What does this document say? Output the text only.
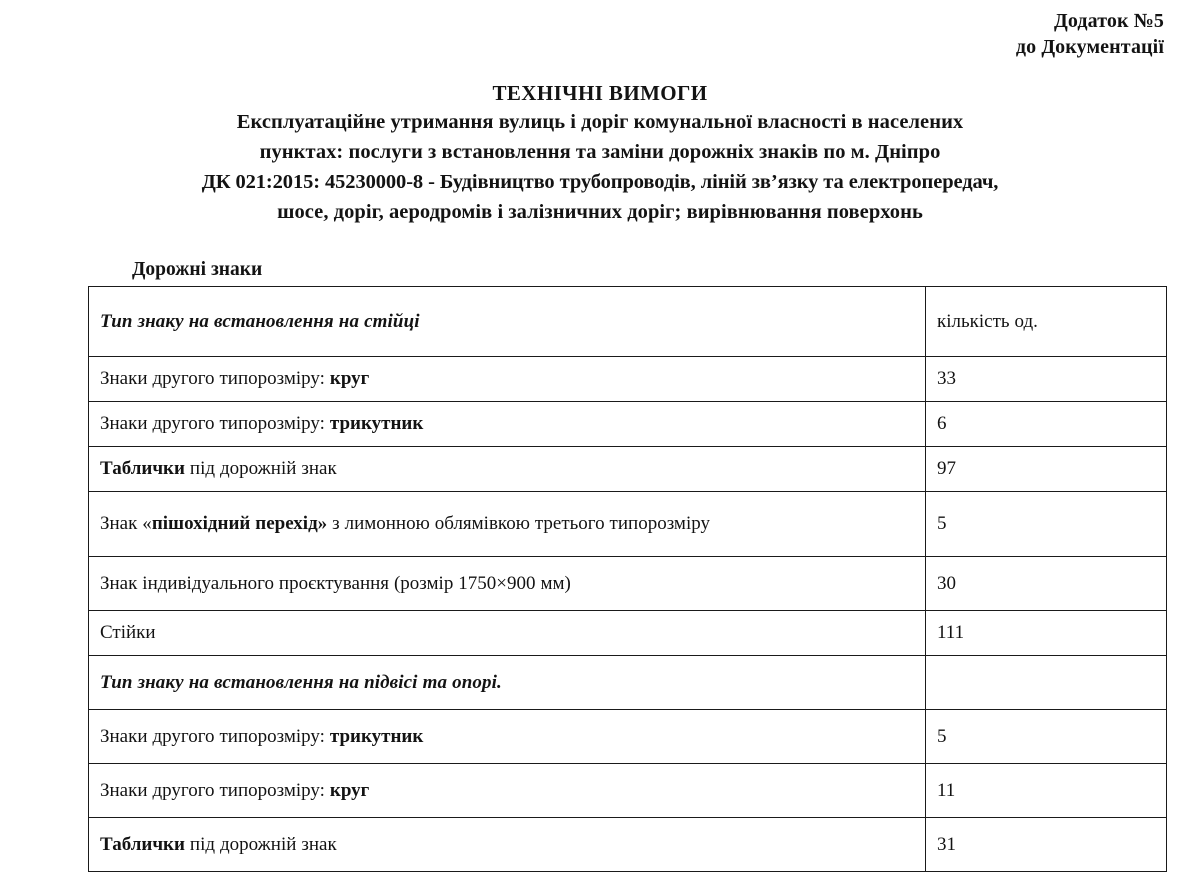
Додаток №5
до Документації
ТЕХНІЧНІ ВИМОГИ
Експлуатаційне утримання вулиць і доріг комунальної власності в населених
пунктах: послуги з встановлення та заміни дорожніх знаків по м. Дніпро
ДК 021:2015: 45230000-8 - Будівництво трубопроводів, ліній зв’язку та електропередач,
шосе, доріг, аеродромів і залізничних доріг; вирівнювання поверхонь
Дорожні знаки
Тип знаку на встановлення на стійці	кількість од.
Знаки другого типорозміру: круг	33
Знаки другого типорозміру: трикутник	6
Таблички під дорожній знак	97
Знак «пішохідний перехід» з лимонною облямівкою третього типорозміру	5
Знак індивідуального проєктування (розмір 1750×900 мм)	30
Стійки	111
Тип знаку на встановлення на підвісі та опорі.	
Знаки другого типорозміру: трикутник	5
Знаки другого типорозміру: круг	11
Таблички під дорожній знак	31
